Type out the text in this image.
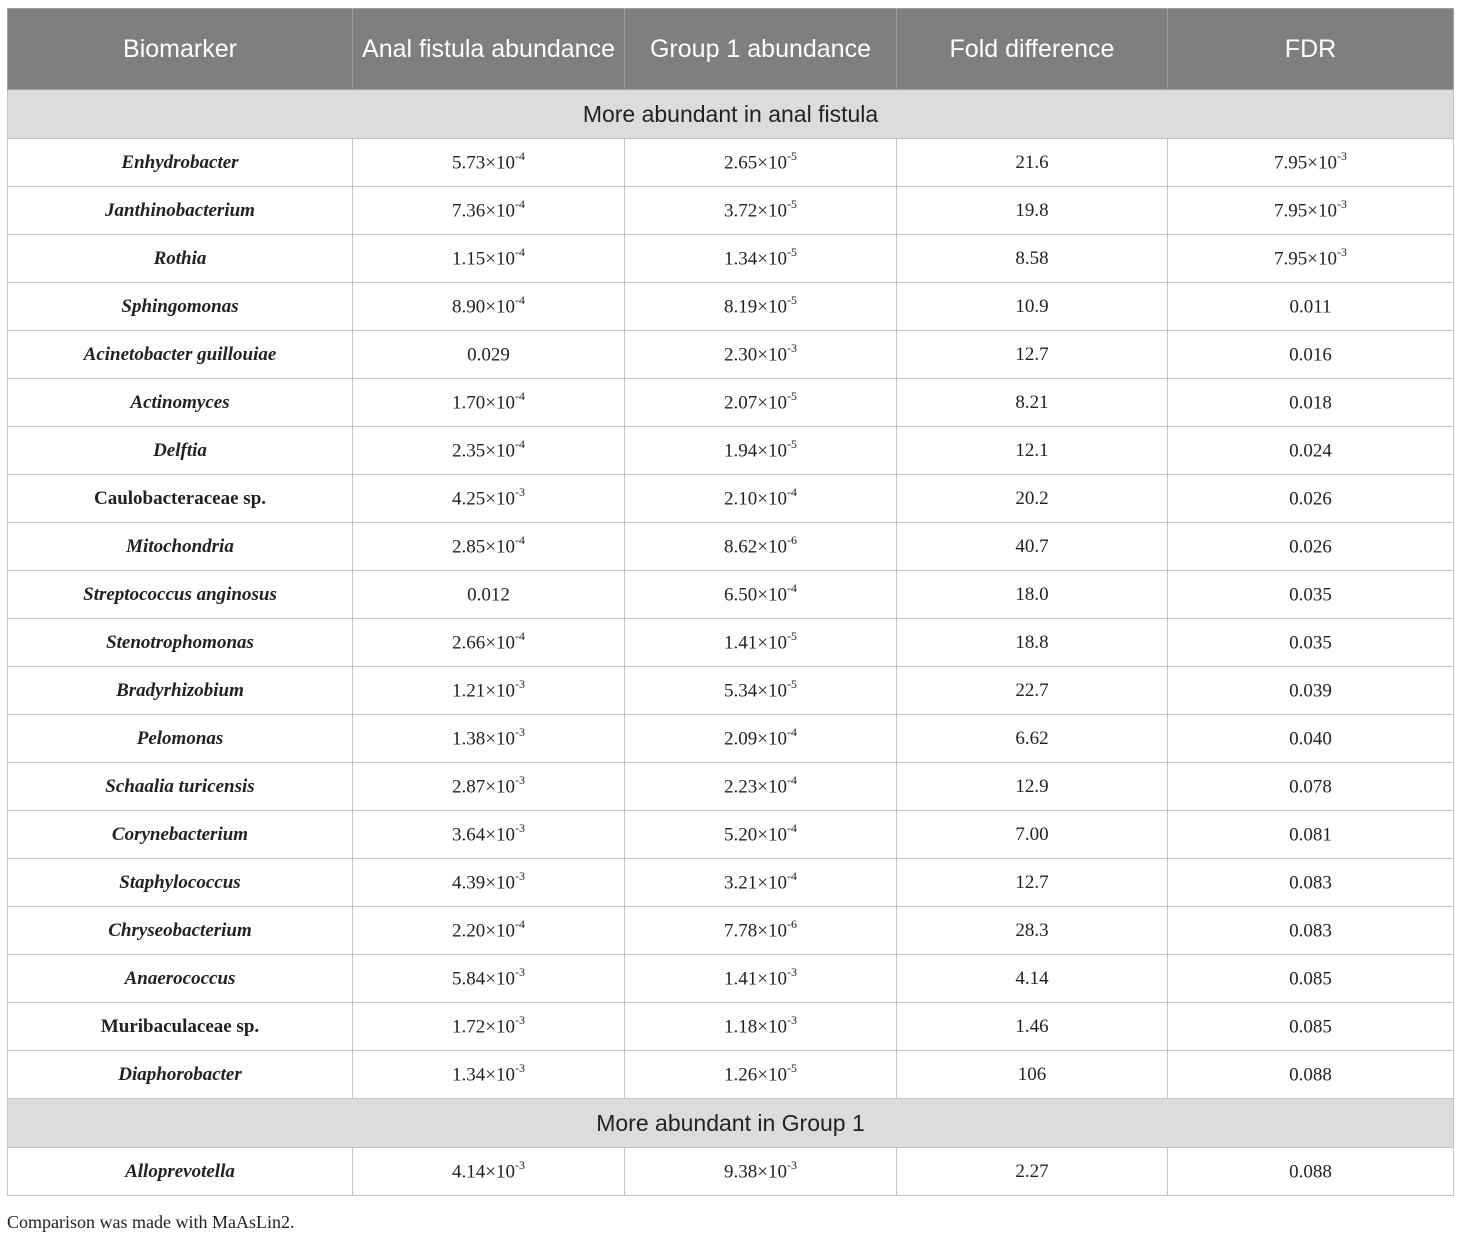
Biomarker	Anal fistula abundance	Group 1 abundance	Fold difference	FDR
More abundant in anal fistula				
Enhydrobacter	$5.73\times 10^{-4}$	$2.65\times 10^{-5}$	21.6	$7.95\times 10^{-3}$
Janthinobacterium	$7.36\times 10^{-4}$	$3.72\times 10^{-5}$	19.8	$7.95\times 10^{-3}$
Rothia	$1.15\times 10^{-4}$	$1.34\times 10^{-5}$	8.58	$7.95\times 10^{-3}$
Sphingomonas	$8.90\times 10^{-4}$	$8.19\times 10^{-5}$	10.9	0.011
Acinetobacter guillouiae	0.029	$2.30\times 10^{-3}$	12.7	0.016
Actinomyces	$1.70\times 10^{-4}$	$2.07\times 10^{-5}$	8.21	0.018
Delftia	$2.35\times 10^{-4}$	$1.94\times 10^{-5}$	12.1	0.024
Caulobacteraceae sp.	$4.25\times 10^{-3}$	$2.10\times 10^{-4}$	20.2	0.026
Mitochondria	$2.85\times 10^{-4}$	$8.62\times 10^{-6}$	40.7	0.026
Streptococcus anginosus	0.012	$6.50\times 10^{-4}$	18.0	0.035
Stenotrophomonas	$2.66\times 10^{-4}$	$1.41\times 10^{-5}$	18.8	0.035
Bradyrhizobium	$1.21\times 10^{-3}$	$5.34\times 10^{-5}$	22.7	0.039
Pelomonas	$1.38\times 10^{-3}$	$2.09\times 10^{-4}$	6.62	0.040
Schaalia turicensis	$2.87\times 10^{-3}$	$2.23\times 10^{-4}$	12.9	0.078
Corynebacterium	$3.64\times 10^{-3}$	$5.20\times 10^{-4}$	7.00	0.081
Staphylococcus	$4.39\times 10^{-3}$	$3.21\times 10^{-4}$	12.7	0.083
Chryseobacterium	$2.20\times 10^{-4}$	$7.78\times 10^{-6}$	28.3	0.083
Anaerococcus	$5.84\times 10^{-3}$	$1.41\times 10^{-3}$	4.14	0.085
Muribaculaceae sp.	$1.72\times 10^{-3}$	$1.18\times 10^{-3}$	1.46	0.085
Diaphorobacter	$1.34\times 10^{-3}$	$1.26\times 10^{-5}$	106	0.088
More abundant in Group 1				
Alloprevotella	$4.14\times 10^{-3}$	$9.38\times 10^{-3}$	2.27	0.088
Comparison was made with MaAsLin2.
